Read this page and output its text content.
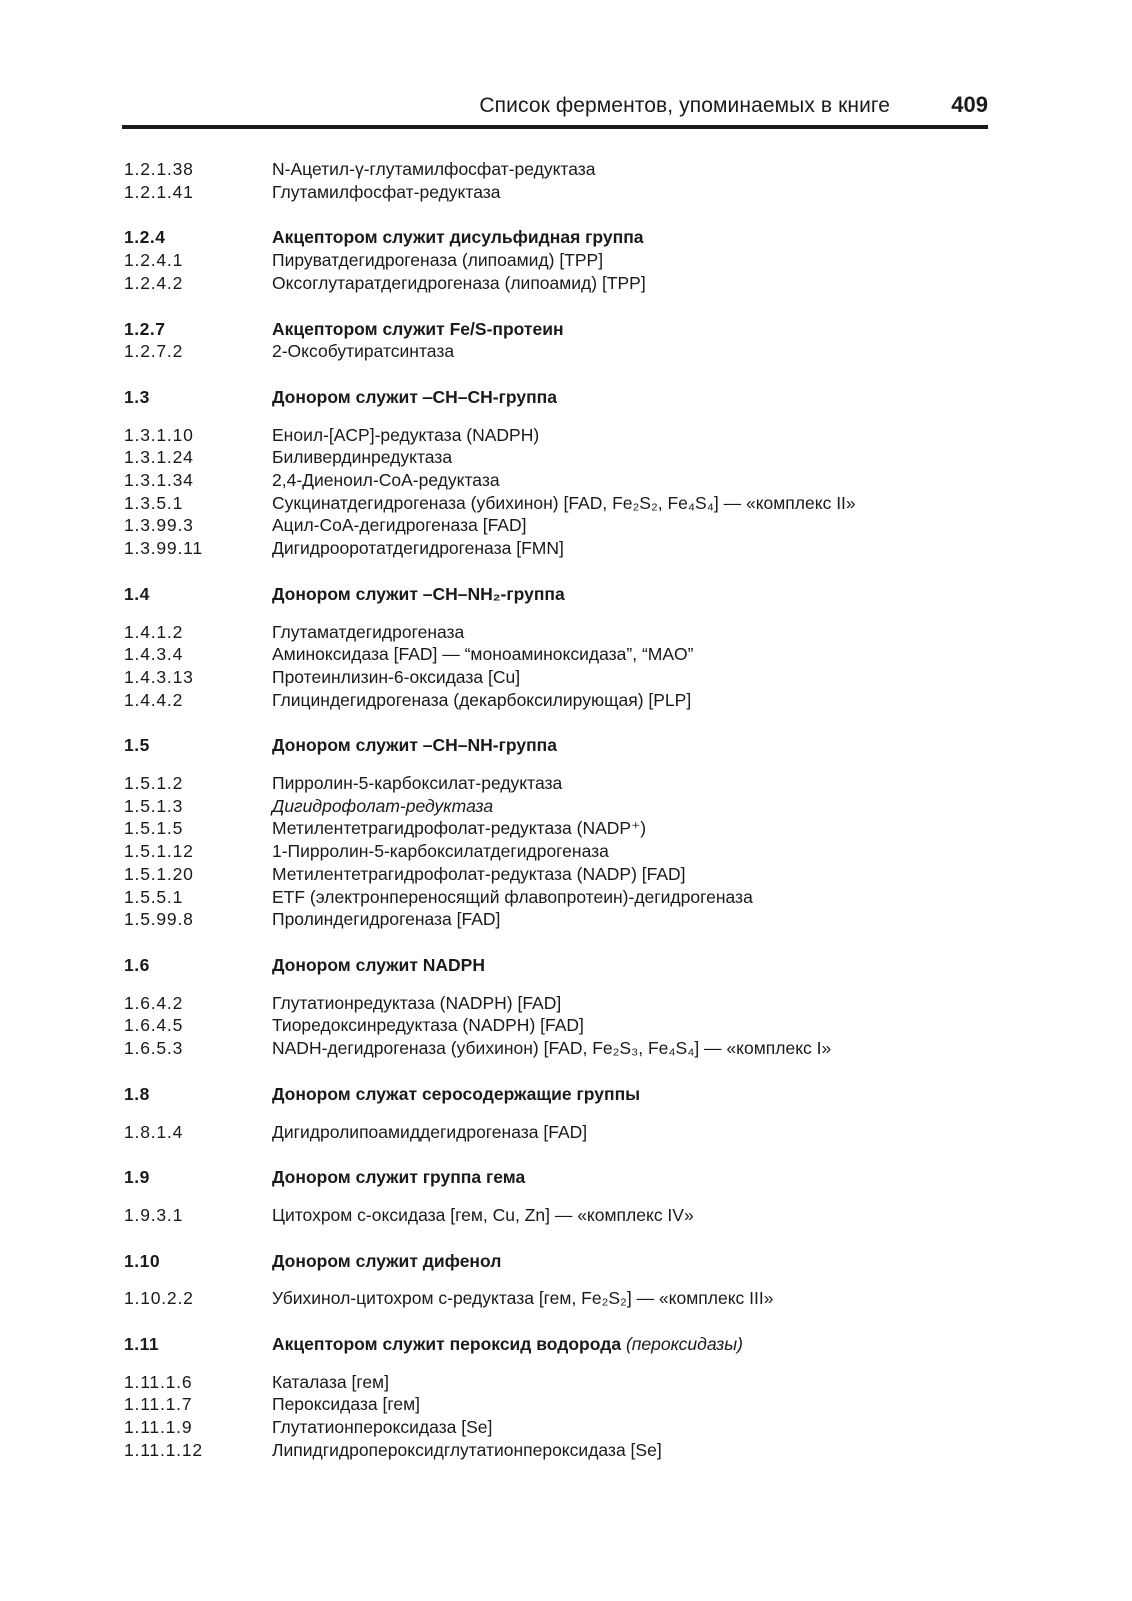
Список ферментов, упоминаемых в книге	409
1.2.1.38	N-Ацетил-γ-глутамилфосфат-редуктаза
1.2.1.41	Глутамилфосфат-редуктаза
1.2.4	Акцептором служит дисульфидная группа
1.2.4.1	Пируватдегидрогеназа (липоамид) [TPP]
1.2.4.2	Оксоглутаратдегидрогеназа (липоамид) [TPP]
1.2.7	Акцептором служит Fe/S-протеин
1.2.7.2	2-Оксобутиратсинтаза
1.3	Донором служит ‒CH–CH-группа
1.3.1.10	Еноил-[ACP]-редуктаза (NADPH)
1.3.1.24	Биливердинредуктаза
1.3.1.34	2,4-Диеноил-CoA-редуктаза
1.3.5.1	Сукцинатдегидрогеназа (убихинон) [FAD, Fe₂S₂, Fe₄S₄] — «комплекс II»
1.3.99.3	Ацил-CoA-дегидрогеназа [FAD]
1.3.99.11	Дигидрооротатдегидрогеназа [FMN]
1.4	Донором служит –CH–NH₂-группа
1.4.1.2	Глутаматдегидрогеназа
1.4.3.4	Аминоксидаза [FAD] — “моноаминоксидаза”, “MAO”
1.4.3.13	Протеинлизин-6-оксидаза [Cu]
1.4.4.2	Глициндегидрогеназа (декарбоксилирующая) [PLP]
1.5	Донором служит –CH–NH-группа
1.5.1.2	Пирролин-5-карбоксилат-редуктаза
1.5.1.3	Дигидрофолат-редуктаза
1.5.1.5	Метилентетрагидрофолат-редуктаза (NADP⁺)
1.5.1.12	1-Пирролин-5-карбоксилатдегидрогеназа
1.5.1.20	Метилентетрагидрофолат-редуктаза (NADP) [FAD]
1.5.5.1	ETF (электронпереносящий флавопротеин)-дегидрогеназа
1.5.99.8	Пролиндегидрогеназа [FAD]
1.6	Донором служит NADPH
1.6.4.2	Глутатионредуктаза (NADPH) [FAD]
1.6.4.5	Тиоредоксинредуктаза (NADPH) [FAD]
1.6.5.3	NADH-дегидрогеназа (убихинон) [FAD, Fe₂S₃, Fe₄S₄] — «комплекс I»
1.8	Донором служат серосодержащие группы
1.8.1.4	Дигидролипоамиддегидрогеназа [FAD]
1.9	Донором служит группа гема
1.9.3.1	Цитохром c-оксидаза [гем, Cu, Zn] — «комплекс IV»
1.10	Донором служит дифенол
1.10.2.2	Убихинол-цитохром c-редуктаза [гем, Fe₂S₂] — «комплекс III»
1.11	Акцептором служит пероксид водорода (пероксидазы)
1.11.1.6	Каталаза [гем]
1.11.1.7	Пероксидаза [гем]
1.11.1.9	Глутатионпероксидаза [Se]
1.11.1.12	Липидгидропероксидглутатионпероксидаза [Se]
